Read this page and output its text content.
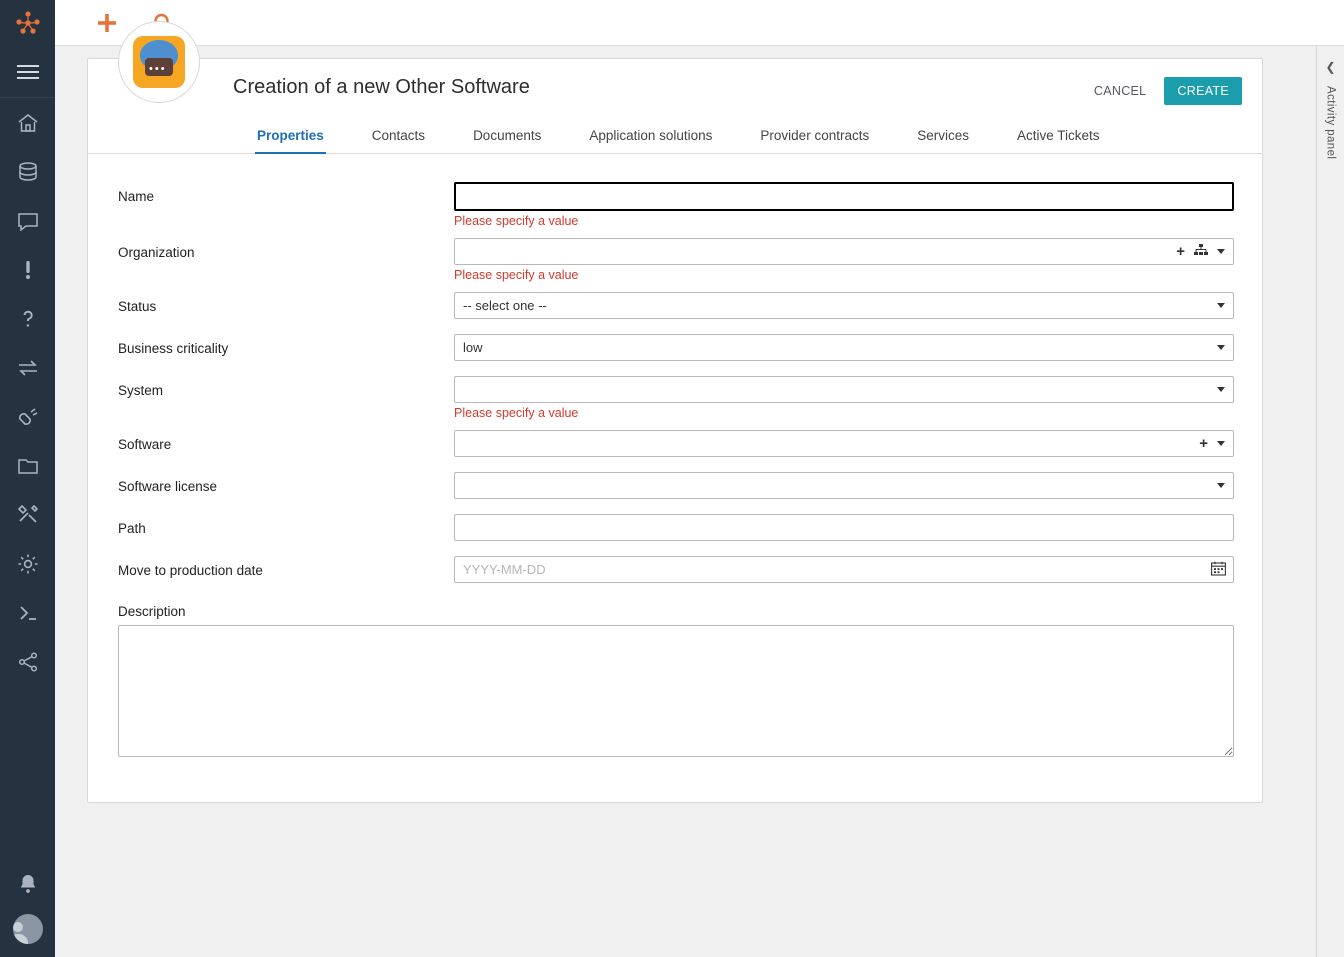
•••
Creation of a new Other Software	CANCEL	CREATE
Properties	Contacts	Documents	Application solutions	Provider contracts	Services	Active Tickets
Name
Please specify a value
Organization	+
Please specify a value
Status	-- select one --
Business criticality	low
System
Please specify a value
Software	+
Software license
Path
Move to production date
YYYY-MM-DD
Description
❮
Activity panel
